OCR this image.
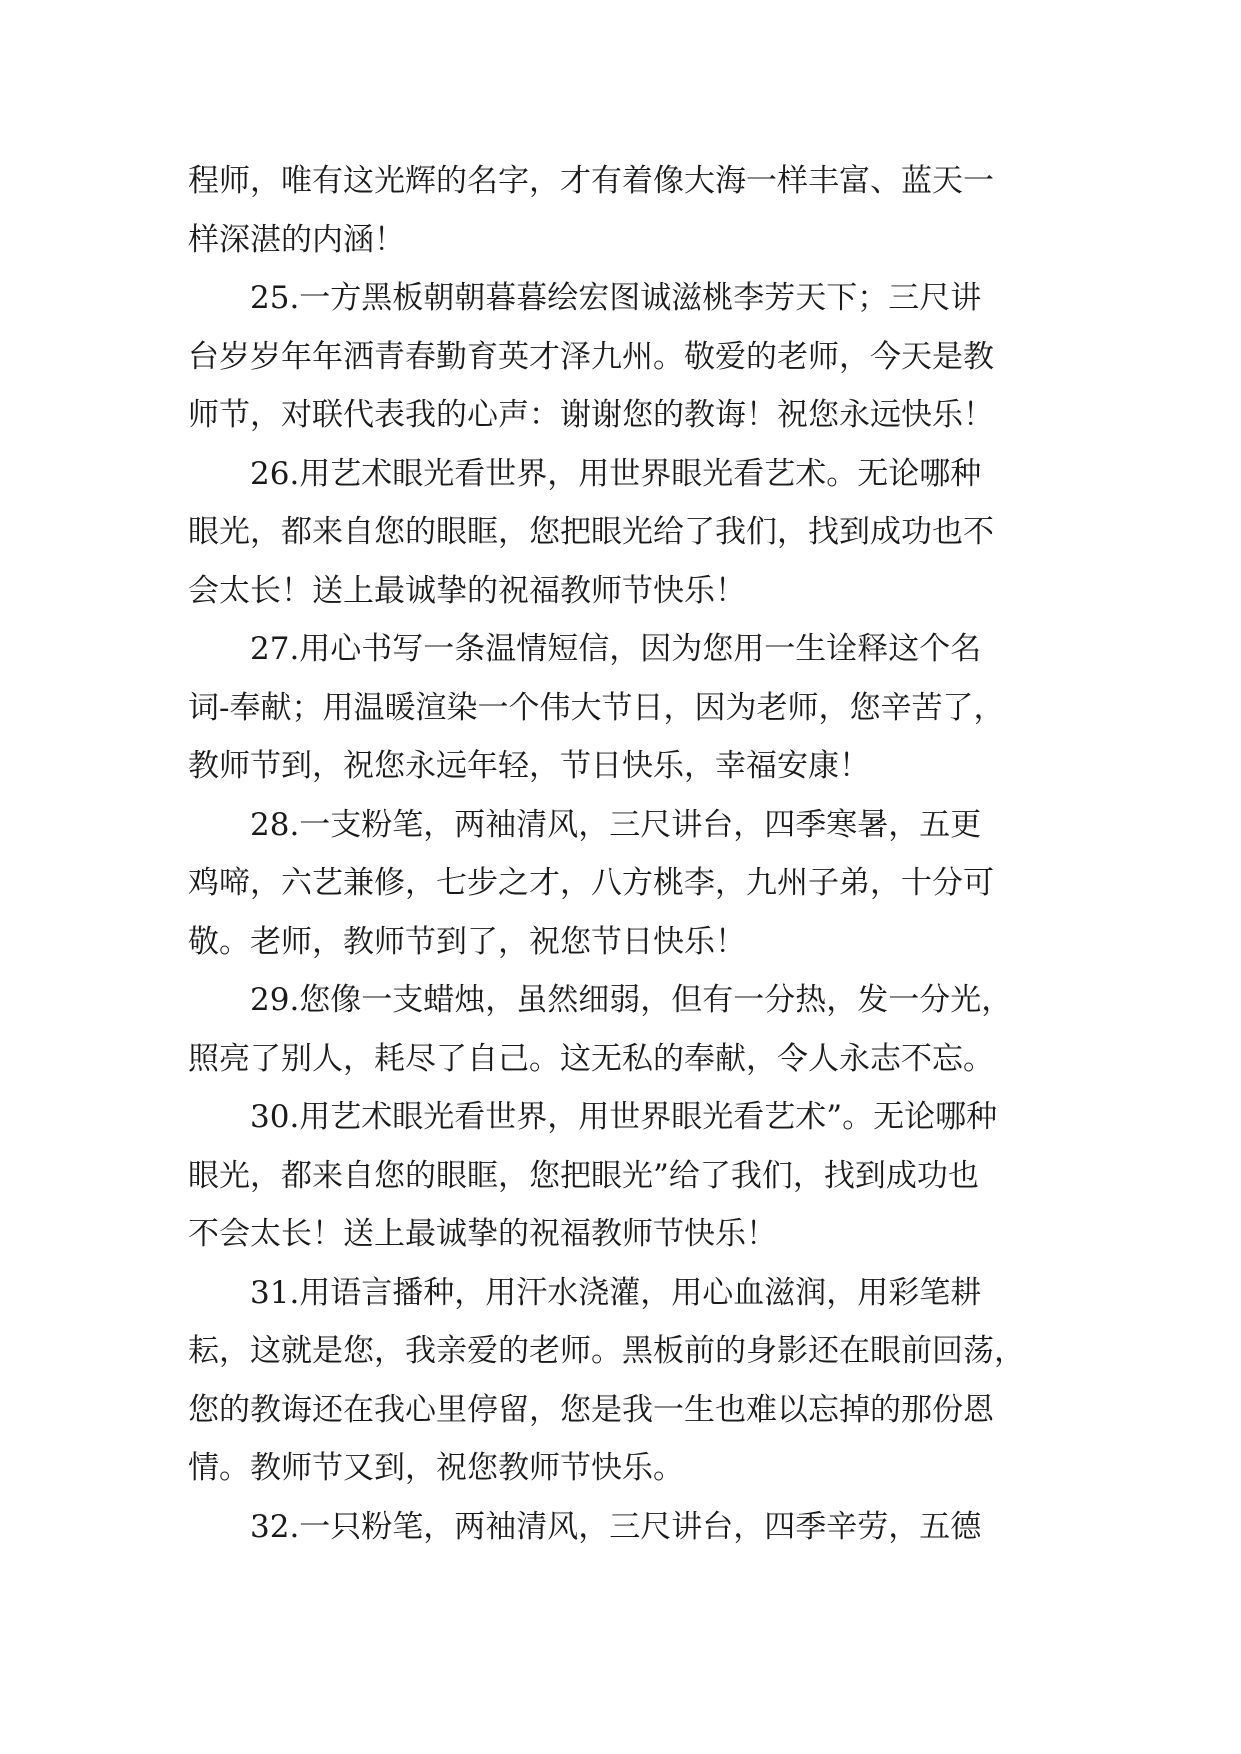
程师，唯有这光辉的名字，才有着像大海一样丰富、蓝天一
样深湛的内涵！
25.一方黑板朝朝暮暮绘宏图诚滋桃李芳天下；三尺讲
台岁岁年年洒青春勤育英才泽九州。敬爱的老师，今天是教
师节，对联代表我的心声：谢谢您的教诲！祝您永远快乐！
26.用艺术眼光看世界，用世界眼光看艺术。无论哪种
眼光，都来自您的眼眶，您把眼光给了我们，找到成功也不
会太长！送上最诚挚的祝福教师节快乐！
27.用心书写一条温情短信，因为您用一生诠释这个名
词-奉献；用温暖渲染一个伟大节日，因为老师，您辛苦了，
教师节到，祝您永远年轻，节日快乐，幸福安康！
28.一支粉笔，两袖清风，三尺讲台，四季寒暑，五更
鸡啼，六艺兼修，七步之才，八方桃李，九州子弟，十分可
敬。老师，教师节到了，祝您节日快乐！
29.您像一支蜡烛，虽然细弱，但有一分热，发一分光，
照亮了别人，耗尽了自己。这无私的奉献，令人永志不忘。
30.用艺术眼光看世界，用世界眼光看艺术”。无论哪种
眼光，都来自您的眼眶，您把眼光”给了我们，找到成功也
不会太长！送上最诚挚的祝福教师节快乐！
31.用语言播种，用汗水浇灌，用心血滋润，用彩笔耕
耘，这就是您，我亲爱的老师。黑板前的身影还在眼前回荡，
您的教诲还在我心里停留，您是我一生也难以忘掉的那份恩
情。教师节又到，祝您教师节快乐。
32.一只粉笔，两袖清风，三尺讲台，四季辛劳，五德
